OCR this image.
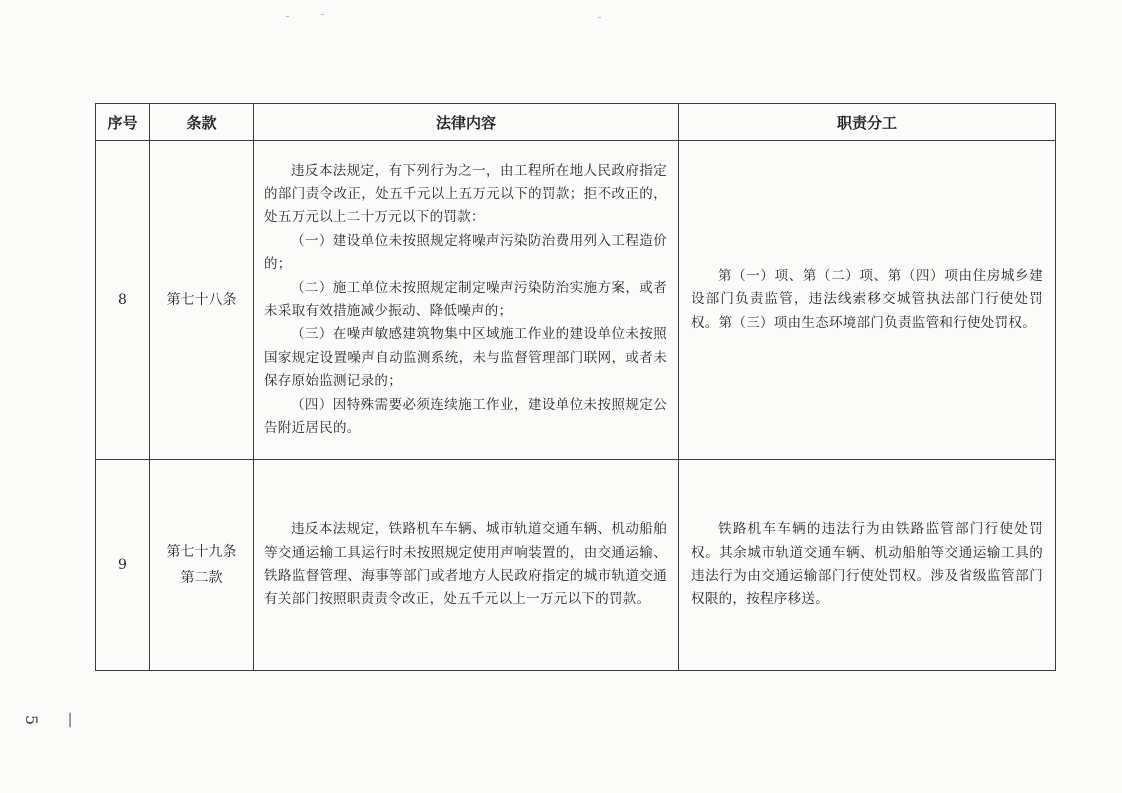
序号	条款	法律内容	职责分工
8	第七十八条	违反本法规定，有下列行为之一，由工程所在地人民政府指定的部门责令改正，处五千元以上五万元以下的罚款；拒不改正的，处五万元以上二十万元以下的罚款：

（一）建设单位未按照规定将噪声污染防治费用列入工程造价的；

（二）施工单位未按照规定制定噪声污染防治实施方案，或者未采取有效措施减少振动、降低噪声的；

（三）在噪声敏感建筑物集中区域施工作业的建设单位未按照国家规定设置噪声自动监测系统，未与监督管理部门联网，或者未保存原始监测记录的；

（四）因特殊需要必须连续施工作业，建设单位未按照规定公告附近居民的。	第（一）项、第（二）项、第（四）项由住房城乡建设部门负责监管，违法线索移交城管执法部门行使处罚权。第（三）项由生态环境部门负责监管和行使处罚权。

9	第七十九条
第二款	违反本法规定，铁路机车车辆、城市轨道交通车辆、机动船舶等交通运输工具运行时未按照规定使用声响装置的，由交通运输、铁路监督管理、海事等部门或者地方人民政府指定的城市轨道交通有关部门按照职责责令改正，处五千元以上一万元以下的罚款。	铁路机车车辆的违法行为由铁路监管部门行使处罚权。其余城市轨道交通车辆、机动船舶等交通运输工具的违法行为由交通运输部门行使处罚权。涉及省级监管部门权限的，按程序移送。

— 5
